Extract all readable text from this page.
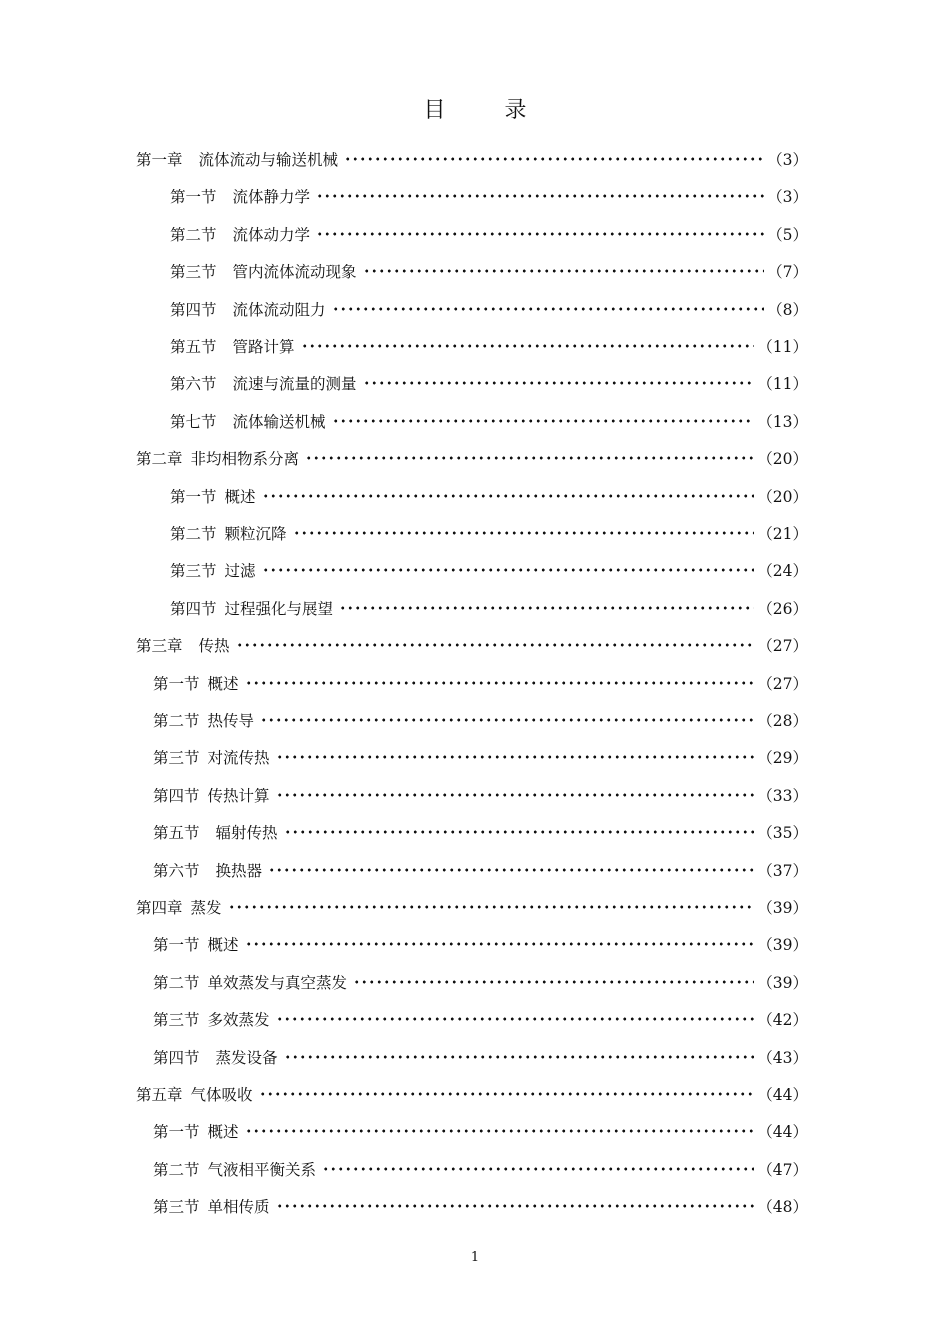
目 录
第一章 流体流动与输送机械	（3）
第一节 流体静力学	（3）
第二节 流体动力学	（5）
第三节 管内流体流动现象	（7）
第四节 流体流动阻力	（8）
第五节 管路计算	（11）
第六节 流速与流量的测量	（11）
第七节 流体输送机械	（13）
第二章 非均相物系分离	（20）
第一节 概述	（20）
第二节 颗粒沉降	（21）
第三节 过滤	（24）
第四节 过程强化与展望	（26）
第三章 传热	（27）
第一节 概述	（27）
第二节 热传导	（28）
第三节 对流传热	（29）
第四节 传热计算	（33）
第五节 辐射传热	（35）
第六节 换热器	（37）
第四章 蒸发	（39）
第一节 概述	（39）
第二节 单效蒸发与真空蒸发	（39）
第三节 多效蒸发	（42）
第四节 蒸发设备	（43）
第五章 气体吸收	（44）
第一节 概述	（44）
第二节 气液相平衡关系	（47）
第三节 单相传质	（48）
1
